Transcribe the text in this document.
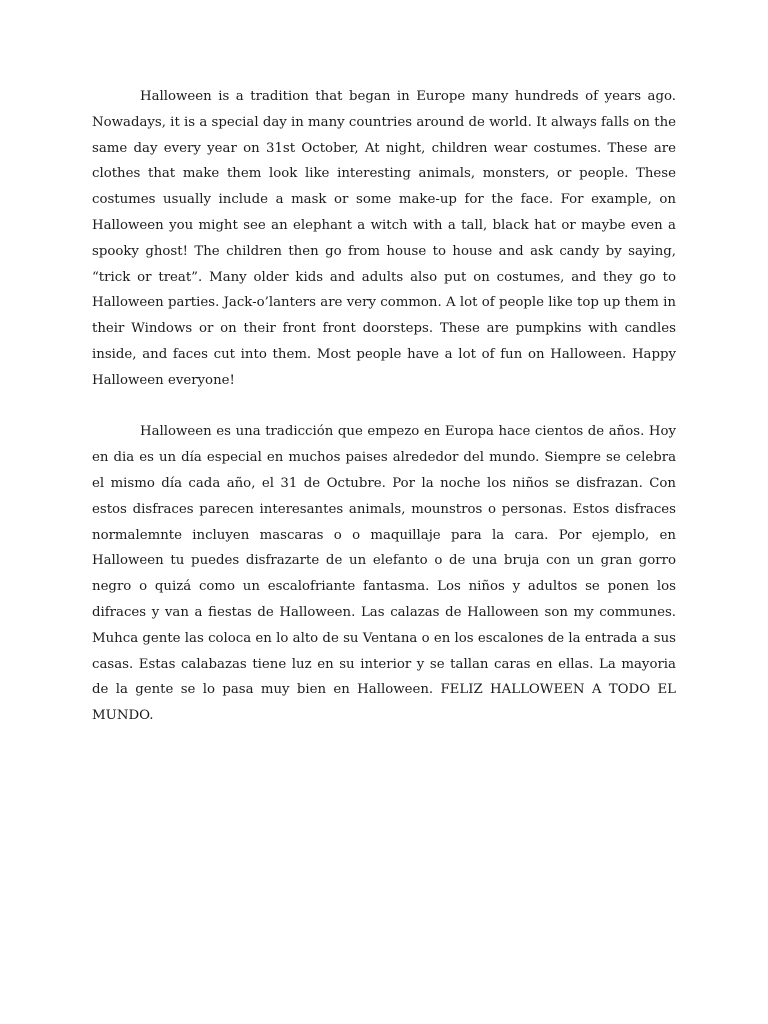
Halloween is a tradition that began in Europe many hundreds of years ago. Nowadays, it is a special day in many countries around de world. It always falls on the same day every year on 31st October, At night, children wear costumes. These are clothes that make them look like interesting animals, monsters, or people. These costumes usually include a mask or some make-up for the face. For example, on Halloween you might see an elephant a witch with a tall, black hat or maybe even a spooky ghost! The children then go from house to house and ask candy by saying, “trick or treat”. Many older kids and adults also put on costumes, and they go to Halloween parties. Jack-o’lanters are very common. A lot of people like top up them in their Windows or on their front front doorsteps. These are pumpkins with candles inside, and faces cut into them. Most people have a lot of fun on Halloween. Happy Halloween everyone!

Halloween es una tradicción que empezo en Europa hace cientos de años. Hoy en dia es un día especial en muchos paises alrededor del mundo. Siempre se celebra el mismo día cada año, el 31 de Octubre. Por la noche los niños se disfrazan. Con estos disfraces parecen interesantes animals, mounstros o personas. Estos disfraces normalemnte incluyen mascaras o o maquillaje para la cara. Por ejemplo, en Halloween tu puedes disfrazarte de un elefanto o de una bruja con un gran gorro negro o quizá como un escalofriante fantasma. Los niños y adultos se ponen los difraces y van a fiestas de Halloween. Las calazas de Halloween son my communes. Muhca gente las coloca en lo alto de su Ventana o en los escalones de la entrada a sus casas. Estas calabazas tiene luz en su interior y se tallan caras en ellas. La mayoria de la gente se lo pasa muy bien en Halloween. FELIZ HALLOWEEN A TODO EL MUNDO.
